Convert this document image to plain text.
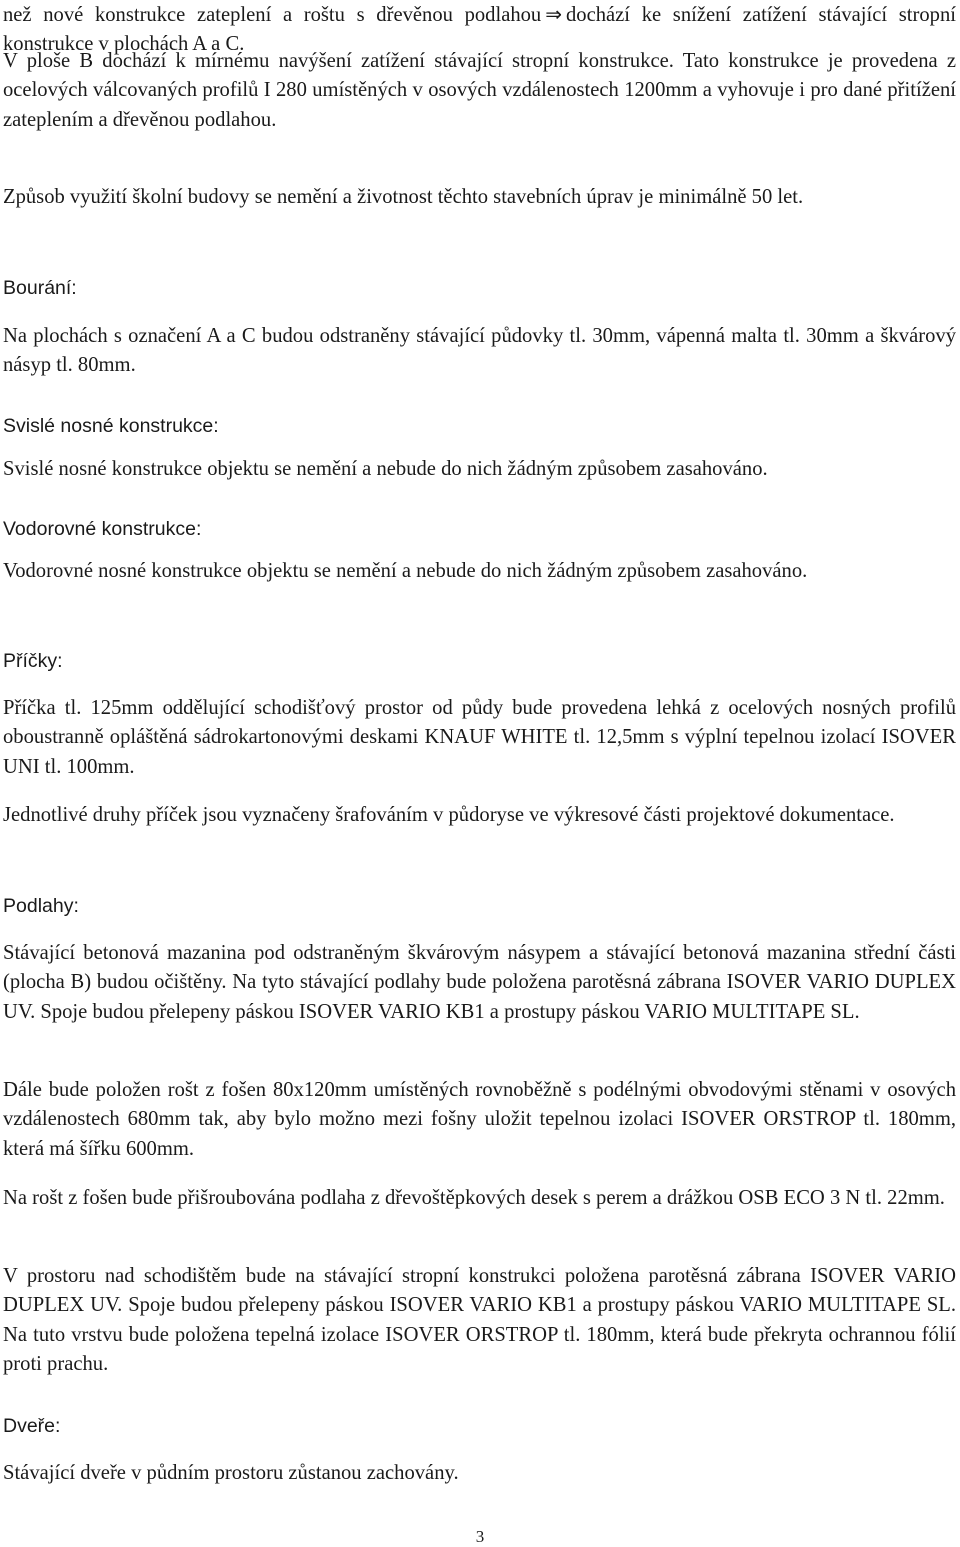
než nové konstrukce zateplení a roštu s dřevěnou podlahou ⇒ dochází ke snížení zatížení stávající stropní konstrukce v plochách A a C.

V ploše B dochází k mírnému navýšení zatížení stávající stropní konstrukce. Tato konstrukce je provedena z ocelových válcovaných profilů I 280 umístěných v osových vzdálenostech 1200mm a vyhovuje i pro dané přitížení zateplením a dřevěnou podlahou.

Způsob využití školní budovy se nemění a životnost těchto stavebních úprav je minimálně 50 let.

Bourání:

Na plochách s označení A a C budou odstraněny stávající půdovky tl. 30mm, vápenná malta tl. 30mm a škvárový násyp tl. 80mm.

Svislé nosné konstrukce:

Svislé nosné konstrukce objektu se nemění a nebude do nich žádným způsobem zasahováno.

Vodorovné konstrukce:

Vodorovné nosné konstrukce objektu se nemění a nebude do nich žádným způsobem zasahováno.

Příčky:

Příčka tl. 125mm oddělující schodišťový prostor od půdy bude provedena lehká z ocelových nosných profilů oboustranně opláštěná sádrokartonovými deskami KNAUF WHITE tl. 12,5mm s výplní tepelnou izolací ISOVER UNI tl. 100mm.

Jednotlivé druhy příček jsou vyznačeny šrafováním v půdoryse ve výkresové části projektové dokumentace.

Podlahy:

Stávající betonová mazanina pod odstraněným škvárovým násypem a stávající betonová mazanina střední části (plocha B) budou očištěny. Na tyto stávající podlahy bude položena parotěsná zábrana ISOVER VARIO DUPLEX UV. Spoje budou přelepeny páskou ISOVER VARIO KB1 a prostupy páskou VARIO MULTITAPE SL.

Dále bude položen rošt z fošen 80x120mm umístěných rovnoběžně s podélnými obvodovými stěnami v osových vzdálenostech 680mm tak, aby bylo možno mezi fošny uložit tepelnou izolaci ISOVER ORSTROP tl. 180mm, která má šířku 600mm.

Na rošt z fošen bude přišroubována podlaha z dřevoštěpkových desek s perem a drážkou OSB ECO 3 N tl. 22mm.

V prostoru nad schodištěm bude na stávající stropní konstrukci položena parotěsná zábrana ISOVER VARIO DUPLEX UV. Spoje budou přelepeny páskou ISOVER VARIO KB1 a prostupy páskou VARIO MULTITAPE SL. Na tuto vrstvu bude položena tepelná izolace ISOVER ORSTROP tl. 180mm, která bude překryta ochrannou fólií proti prachu.

Dveře:

Stávající dveře v půdním prostoru zůstanou zachovány.

3
